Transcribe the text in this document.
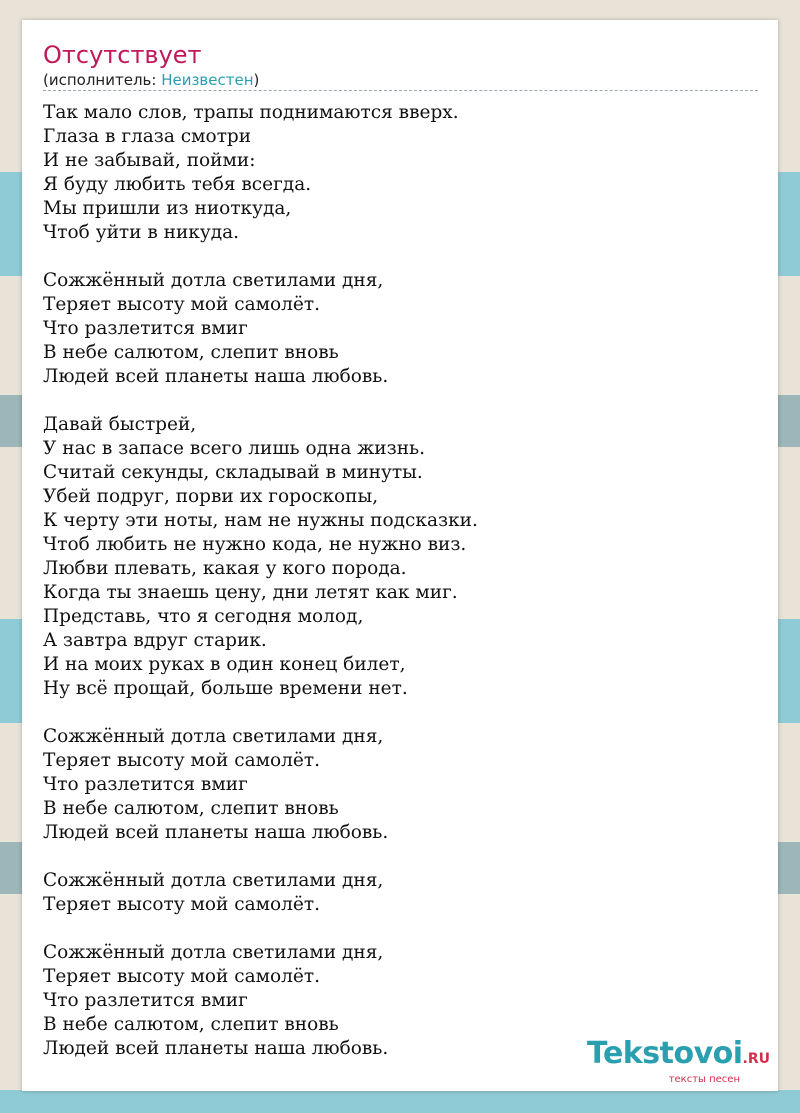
Отсутствует
(исполнитель: Неизвестен)
Так мало слов, трапы поднимаются вверх.
Глаза в глаза смотри
И не забывай, пойми:
Я буду любить тебя всегда.
Мы пришли из ниоткуда,
Чтоб уйти в никуда.
Сожжённый дотла светилами дня,
Теряет высоту мой самолёт.
Что разлетится вмиг
В небе салютом, слепит вновь
Людей всей планеты наша любовь.
Давай быстрей,
У нас в запасе всего лишь одна жизнь.
Считай секунды, складывай в минуты.
Убей подруг, порви их гороскопы,
К черту эти ноты, нам не нужны подсказки.
Чтоб любить не нужно кода, не нужно виз.
Любви плевать, какая у кого порода.
Когда ты знаешь цену, дни летят как миг.
Представь, что я сегодня молод,
А завтра вдруг старик.
И на моих руках в один конец билет,
Ну всё прощай, больше времени нет.
Сожжённый дотла светилами дня,
Теряет высоту мой самолёт.
Что разлетится вмиг
В небе салютом, слепит вновь
Людей всей планеты наша любовь.
Сожжённый дотла светилами дня,
Теряет высоту мой самолёт.
Сожжённый дотла светилами дня,
Теряет высоту мой самолёт.
Что разлетится вмиг
В небе салютом, слепит вновь
Людей всей планеты наша любовь.	Tekstovoi.RU
тексты песен
